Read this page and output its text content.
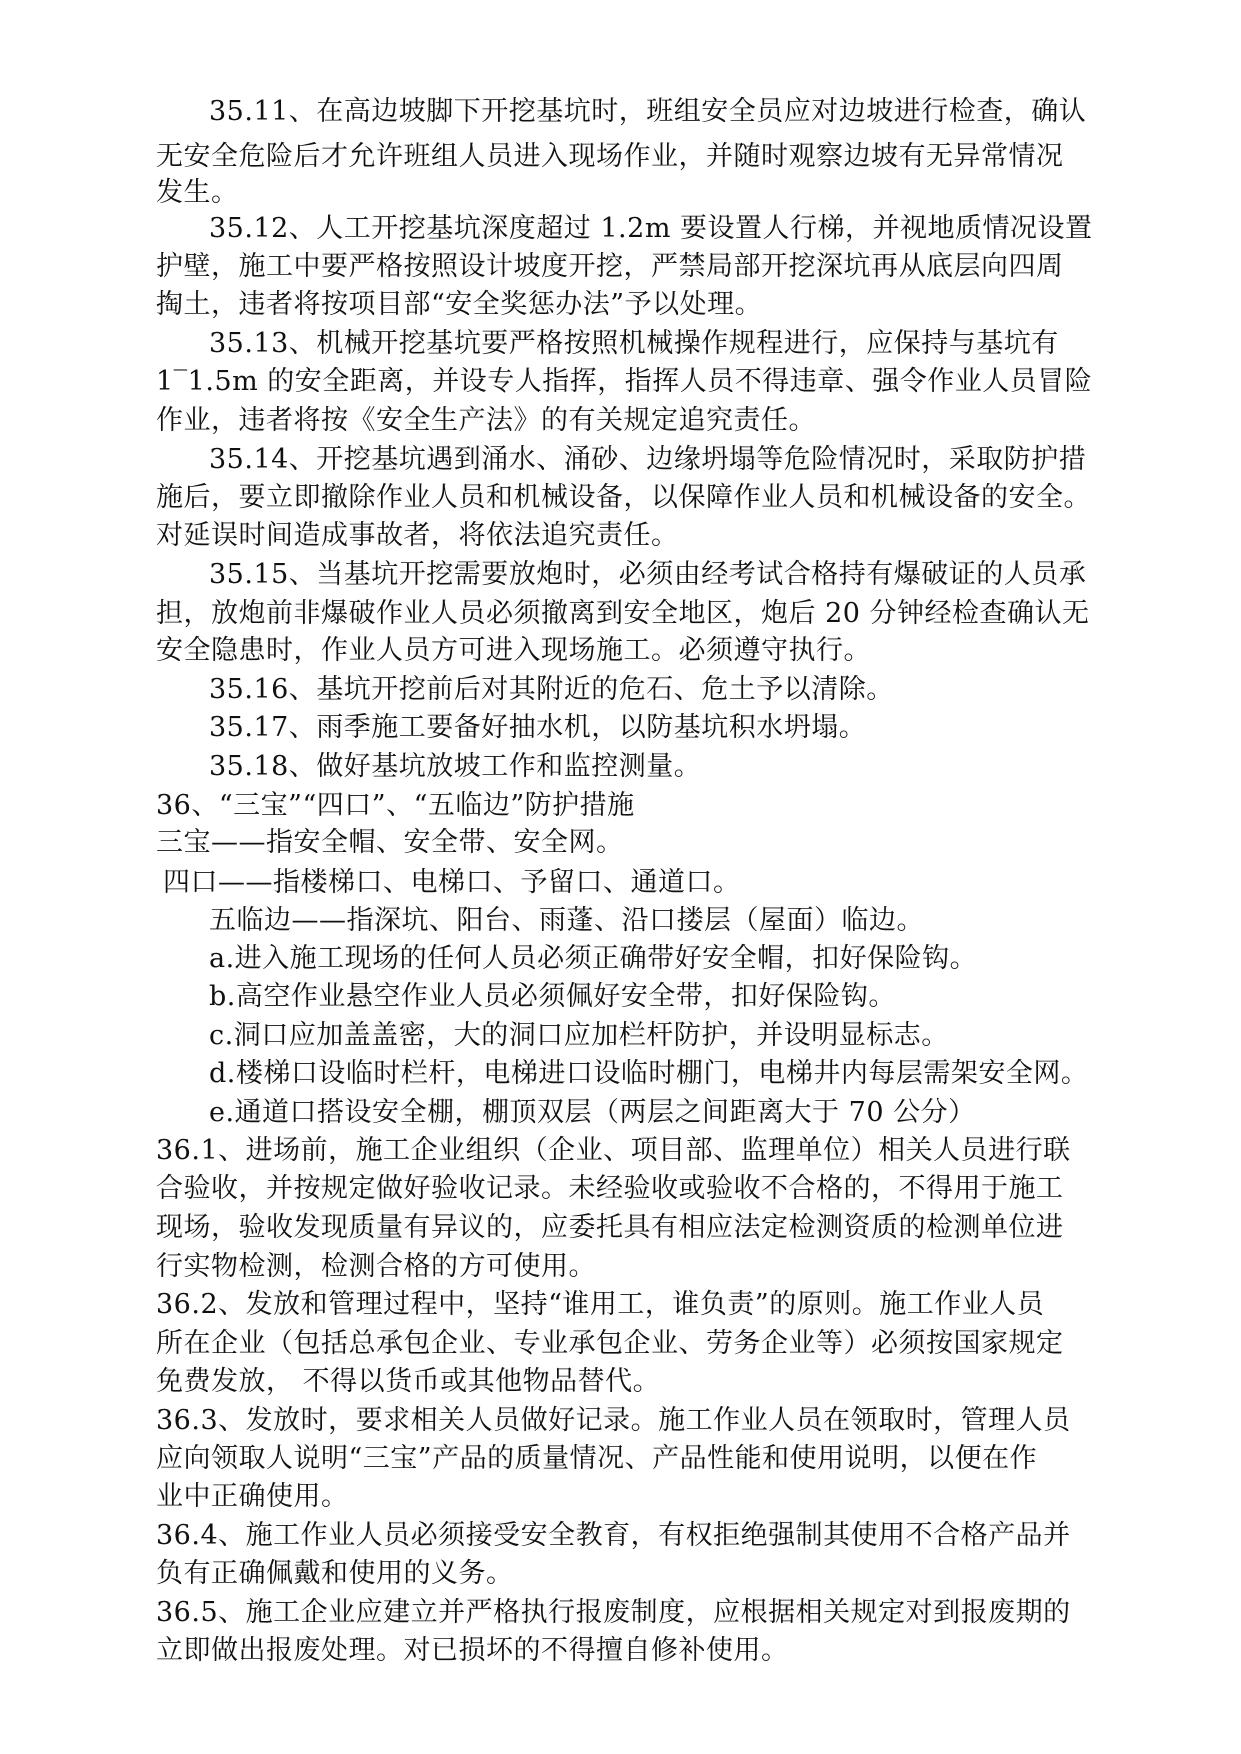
35.11、在高边坡脚下开挖基坑时，班组安全员应对边坡进行检查，确认
无安全危险后才允许班组人员进入现场作业，并随时观察边坡有无异常情况
发生。
35.12、人工开挖基坑深度超过 1.2m 要设置人行梯，并视地质情况设置
护壁，施工中要严格按照设计坡度开挖，严禁局部开挖深坑再从底层向四周
掏土，违者将按项目部“安全奖惩办法”予以处理。
35.13、机械开挖基坑要严格按照机械操作规程进行，应保持与基坑有
1‾1.5m 的安全距离，并设专人指挥，指挥人员不得违章、强令作业人员冒险
作业，违者将按《安全生产法》的有关规定追究责任。
35.14、开挖基坑遇到涌水、涌砂、边缘坍塌等危险情况时，采取防护措
施后，要立即撤除作业人员和机械设备，以保障作业人员和机械设备的安全。
对延误时间造成事故者，将依法追究责任。
35.15、当基坑开挖需要放炮时，必须由经考试合格持有爆破证的人员承
担，放炮前非爆破作业人员必须撤离到安全地区，炮后 20 分钟经检查确认无
安全隐患时，作业人员方可进入现场施工。必须遵守执行。
35.16、基坑开挖前后对其附近的危石、危土予以清除。
35.17、雨季施工要备好抽水机，以防基坑积水坍塌。
35.18、做好基坑放坡工作和监控测量。
36、“三宝”“四口”、“五临边”防护措施
三宝——指安全帽、安全带、安全网。
四口——指楼梯口、电梯口、予留口、通道口。
五临边——指深坑、阳台、雨蓬、沿口搂层（屋面）临边。
a.进入施工现场的任何人员必须正确带好安全帽，扣好保险钩。
b.高空作业悬空作业人员必须佩好安全带，扣好保险钩。
c.洞口应加盖盖密，大的洞口应加栏杆防护，并设明显标志。
d.楼梯口设临时栏杆，电梯进口设临时棚门，电梯井内每层需架安全网。
e.通道口搭设安全棚，棚顶双层（两层之间距离大于 70 公分）
36.1、进场前，施工企业组织（企业、项目部、监理单位）相关人员进行联
合验收，并按规定做好验收记录。未经验收或验收不合格的，不得用于施工
现场，验收发现质量有异议的，应委托具有相应法定检测资质的检测单位进
行实物检测，检测合格的方可使用。
36.2、发放和管理过程中，坚持“谁用工，谁负责”的原则。施工作业人员
所在企业（包括总承包企业、专业承包企业、劳务企业等）必须按国家规定
免费发放， 不得以货币或其他物品替代。
36.3、发放时，要求相关人员做好记录。施工作业人员在领取时，管理人员
应向领取人说明“三宝”产品的质量情况、产品性能和使用说明，以便在作
业中正确使用。
36.4、施工作业人员必须接受安全教育，有权拒绝强制其使用不合格产品并
负有正确佩戴和使用的义务。
36.5、施工企业应建立并严格执行报废制度，应根据相关规定对到报废期的
立即做出报废处理。对已损坏的不得擅自修补使用。
